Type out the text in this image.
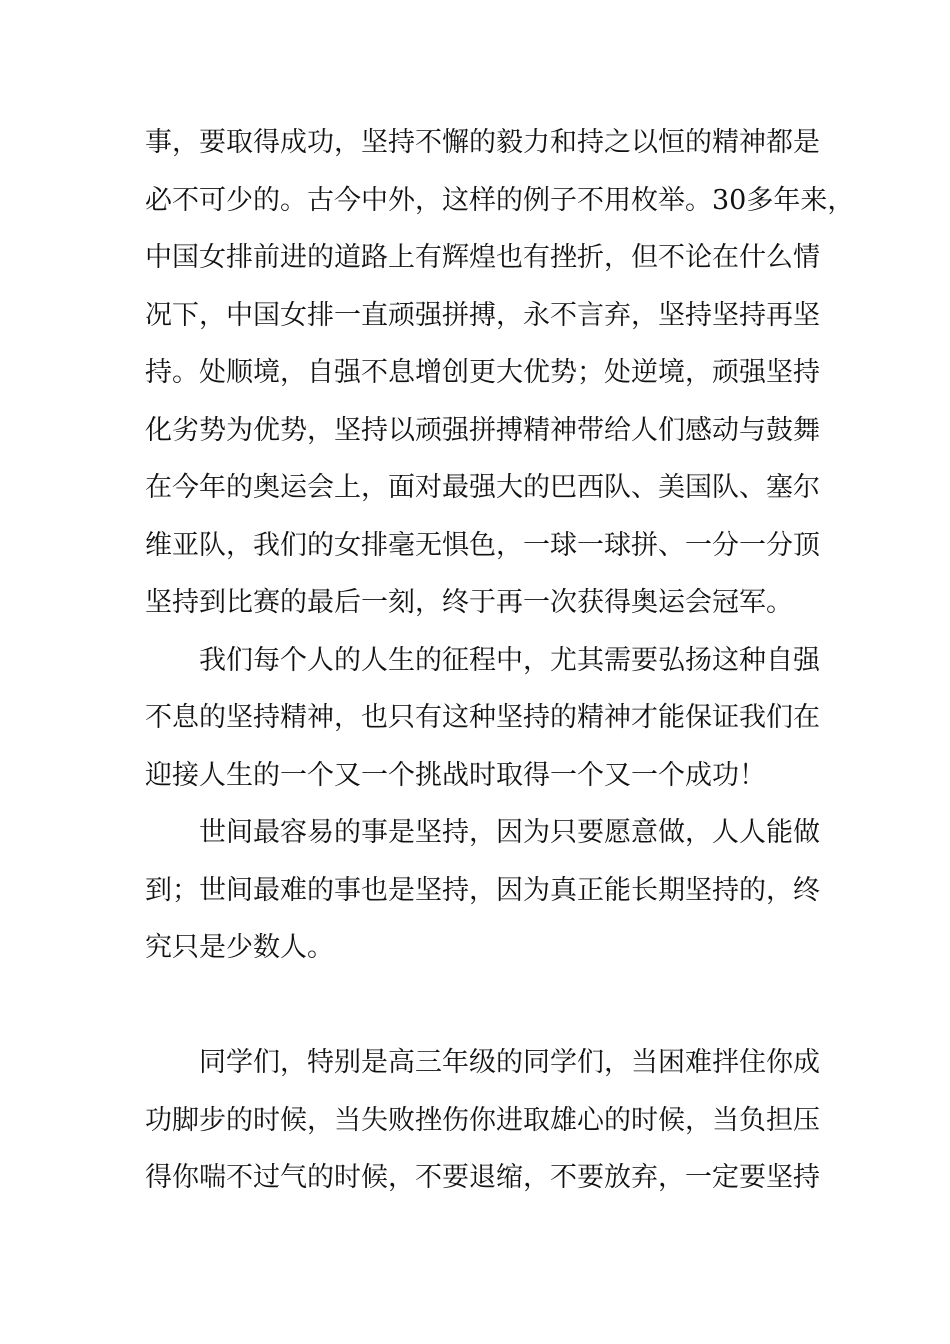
事，要取得成功，坚持不懈的毅力和持之以恒的精神都是
必不可少的。古今中外，这样的例子不用枚举。30多年来，
中国女排前进的道路上有辉煌也有挫折，但不论在什么情
况下，中国女排一直顽强拼搏，永不言弃，坚持坚持再坚
持。处顺境，自强不息增创更大优势；处逆境，顽强坚持
化劣势为优势，坚持以顽强拼搏精神带给人们感动与鼓舞
在今年的奥运会上，面对最强大的巴西队、美国队、塞尔
维亚队，我们的女排毫无惧色，一球一球拼、一分一分顶
坚持到比赛的最后一刻，终于再一次获得奥运会冠军。
我们每个人的人生的征程中，尤其需要弘扬这种自强
不息的坚持精神，也只有这种坚持的精神才能保证我们在
迎接人生的一个又一个挑战时取得一个又一个成功！
世间最容易的事是坚持，因为只要愿意做，人人能做
到；世间最难的事也是坚持，因为真正能长期坚持的，终
究只是少数人。
同学们，特别是高三年级的同学们，当困难拌住你成
功脚步的时候，当失败挫伤你进取雄心的时候，当负担压
得你喘不过气的时候，不要退缩，不要放弃，一定要坚持
